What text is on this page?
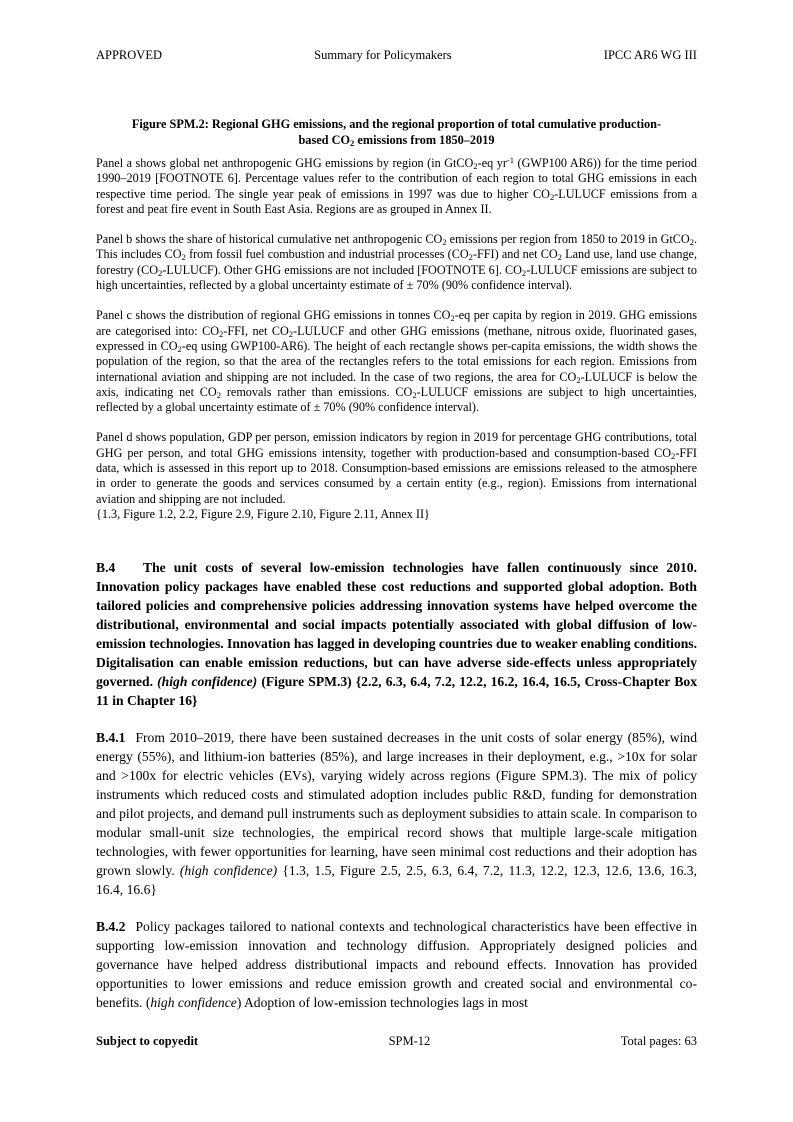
APPROVED	Summary for Policymakers	IPCC AR6 WG III
Figure SPM.2: Regional GHG emissions, and the regional proportion of total cumulative production-
based $CO_2$ emissions from 1850–2019

Panel a shows global net anthropogenic GHG emissions by region (in GtCO$_2$-eq $yr^{-1}$ (GWP100 AR6)) for the time period 1990–2019 [FOOTNOTE 6]. Percentage values refer to the contribution of each region to total GHG emissions in each respective time period. The single year peak of emissions in 1997 was due to higher $CO_2$-LULUCF emissions from a forest and peat fire event in South East Asia. Regions are as grouped in Annex II.

Panel b shows the share of historical cumulative net anthropogenic $CO_2$ emissions per region from 1850 to 2019 in GtCO$_2$. This includes $CO_2$ from fossil fuel combustion and industrial processes $(CO_2-FFI)$ and net $CO_2$ Land use, land use change, forestry $(CO_2-LULUCF)$. Other GHG emissions are not included [FOOTNOTE 6]. $CO_2$-LULUCF emissions are subject to high uncertainties, reflected by a global uncertainty estimate of ± 70% (90% confidence interval).

Panel c shows the distribution of regional GHG emissions in tonnes $CO_2-eq$ per capita by region in 2019. GHG emissions are categorised into: $CO_2$-FFI, net $CO_2$-LULUCF and other GHG emissions (methane, nitrous oxide, fluorinated gases, expressed in $CO_2-eq$ using GWP100-AR6). The height of each rectangle shows per-capita emissions, the width shows the population of the region, so that the area of the rectangles refers to the total emissions for each region. Emissions from international aviation and shipping are not included. In the case of two regions, the area for $CO_2$-LULUCF is below the axis, indicating net $CO_2$ removals rather than emissions. $CO_2$-LULUCF emissions are subject to high uncertainties, reflected by a global uncertainty estimate of ± 70% (90% confidence interval).

Panel d shows population, GDP per person, emission indicators by region in 2019 for percentage GHG contributions, total GHG per person, and total GHG emissions intensity, together with production-based and consumption-based $CO_2$-FFI data, which is assessed in this report up to 2018. Consumption-based emissions are emissions released to the atmosphere in order to generate the goods and services consumed by a certain entity (e.g., region). Emissions from international aviation and shipping are not included.

{1.3, Figure 1.2, 2.2, Figure 2.9, Figure 2.10, Figure 2.11, Annex II}

B.4 The unit costs of several low-emission technologies have fallen continuously since 2010. Innovation policy packages have enabled these cost reductions and supported global adoption. Both tailored policies and comprehensive policies addressing innovation systems have helped overcome the distributional, environmental and social impacts potentially associated with global diffusion of low-emission technologies. Innovation has lagged in developing countries due to weaker enabling conditions. Digitalisation can enable emission reductions, but can have adverse side-effects unless appropriately governed. (high confidence) (Figure SPM.3) {2.2, 6.3, 6.4, 7.2, 12.2, 16.2, 16.4, 16.5, Cross-Chapter Box 11 in Chapter 16}

B.4.1 From 2010–2019, there have been sustained decreases in the unit costs of solar energy (85%), wind energy (55%), and lithium-ion batteries (85%), and large increases in their deployment, e.g., >10x for solar and >100x for electric vehicles (EVs), varying widely across regions (Figure SPM.3). The mix of policy instruments which reduced costs and stimulated adoption includes public R&D, funding for demonstration and pilot projects, and demand pull instruments such as deployment subsidies to attain scale. In comparison to modular small-unit size technologies, the empirical record shows that multiple large-scale mitigation technologies, with fewer opportunities for learning, have seen minimal cost reductions and their adoption has grown slowly. (high confidence) {1.3, 1.5, Figure 2.5, 2.5, 6.3, 6.4, 7.2, 11.3, 12.2, 12.3, 12.6, 13.6, 16.3, 16.4, 16.6}

B.4.2 Policy packages tailored to national contexts and technological characteristics have been effective in supporting low-emission innovation and technology diffusion. Appropriately designed policies and governance have helped address distributional impacts and rebound effects. Innovation has provided opportunities to lower emissions and reduce emission growth and created social and environmental co-benefits. (high confidence) Adoption of low-emission technologies lags in most

Subject to copyedit	SPM-12	Total pages: 63
